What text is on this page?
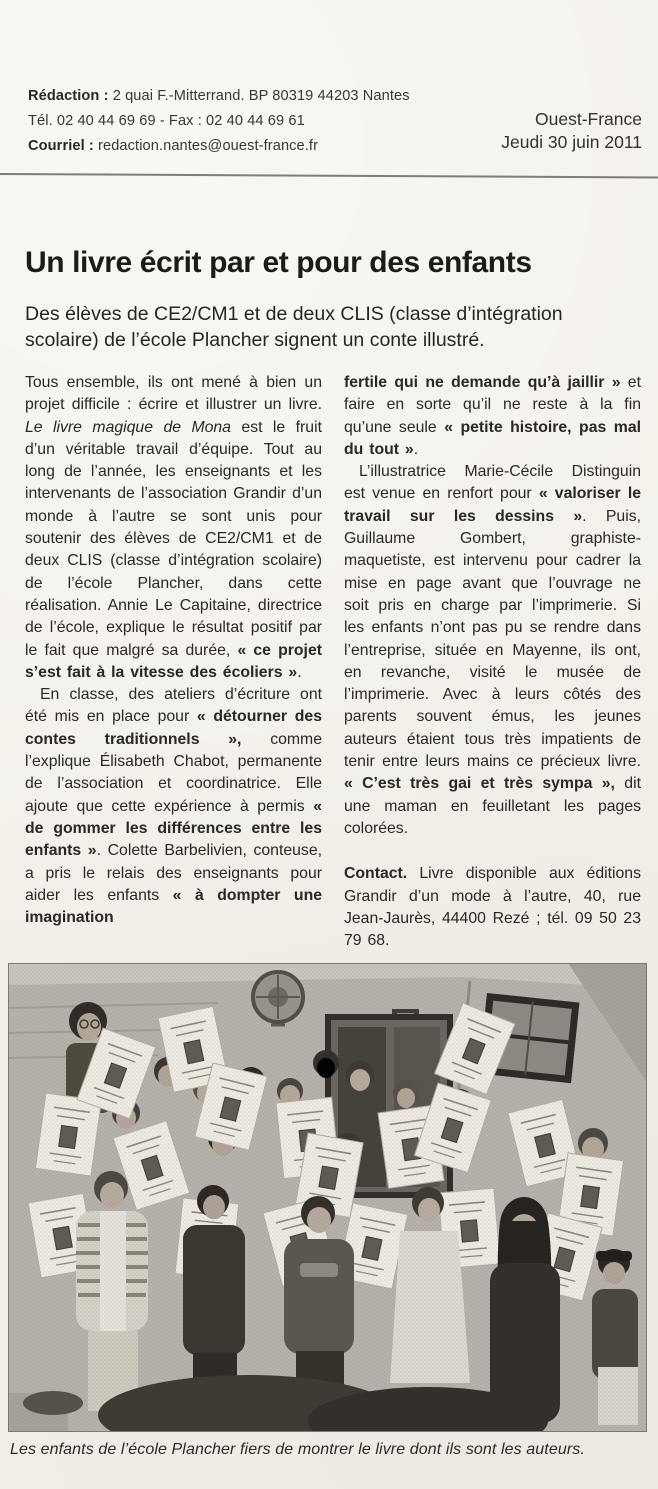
Rédaction : 2 quai F.-Mitterrand. BP 80319 44203 Nantes
Tél. 02 40 44 69 69 - Fax : 02 40 44 69 61
Courriel : redaction.nantes@ouest-france.fr
Ouest-France
Jeudi 30 juin 2011
Un livre écrit par et pour des enfants
Des élèves de CE2/CM1 et de deux CLIS (classe d’intégration scolaire) de l’école Plancher signent un conte illustré.

Tous ensemble, ils ont mené à bien un projet difficile : écrire et illustrer un livre. Le livre magique de Mona est le fruit d’un véritable travail d’équipe. Tout au long de l’année, les enseignants et les intervenants de l’association Grandir d’un monde à l’autre se sont unis pour soutenir des élèves de CE2/CM1 et de deux CLIS (classe d’intégration scolaire) de l’école Plancher, dans cette réalisation. Annie Le Capitaine, directrice de l’école, explique le résultat positif par le fait que malgré sa durée, « ce projet s’est fait à la vitesse des écoliers ».

En classe, des ateliers d’écriture ont été mis en place pour « détourner des contes traditionnels », comme l’explique Élisabeth Chabot, permanente de l’association et coordinatrice. Elle ajoute que cette expérience à permis « de gommer les différences entre les enfants ». Colette Barbelivien, conteuse, a pris le relais des enseignants pour aider les enfants « à dompter une imagination

fertile qui ne demande qu’à jaillir » et faire en sorte qu’il ne reste à la fin qu’une seule « petite histoire, pas mal du tout ».

L’illustratrice Marie-Cécile Distinguin est venue en renfort pour « valoriser le travail sur les dessins ». Puis, Guillaume Gombert, graphiste-maquetiste, est intervenu pour cadrer la mise en page avant que l’ouvrage ne soit pris en charge par l’imprimerie. Si les enfants n’ont pas pu se rendre dans l’entreprise, située en Mayenne, ils ont, en revanche, visité le musée de l’imprimerie. Avec à leurs côtés des parents souvent émus, les jeunes auteurs étaient tous très impatients de tenir entre leurs mains ce précieux livre. « C’est très gai et très sympa », dit une maman en feuilletant les pages colorées.

Contact. Livre disponible aux éditions Grandir d’un mode à l’autre, 40, rue Jean-Jaurès, 44400 Rezé ; tél. 09 50 23 79 68.

Les enfants de l’école Plancher fiers de montrer le livre dont ils sont les auteurs.
